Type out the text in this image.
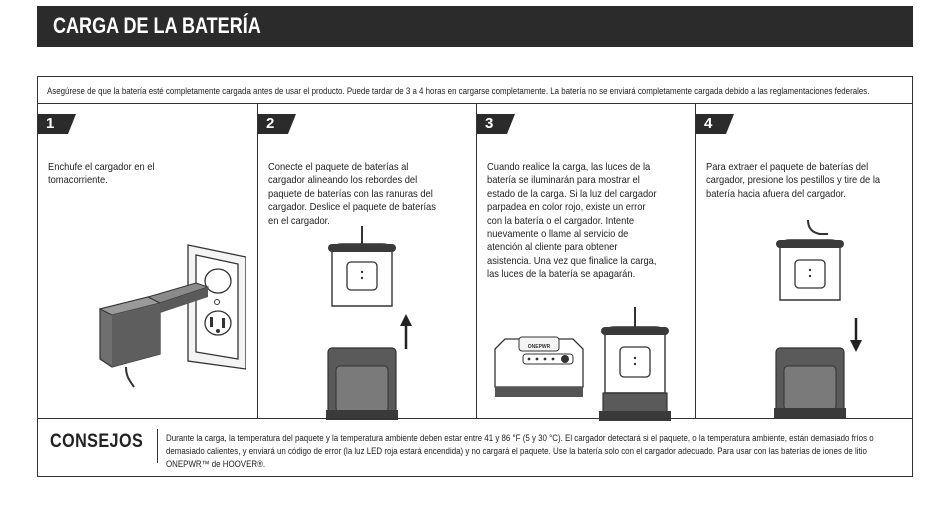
CARGA DE LA BATERÍA
Asegúrese de que la batería esté completamente cargada antes de usar el producto. Puede tardar de 3 a 4 horas en cargarse completamente. La batería no se enviará completamente cargada debido a las reglamentaciones federales.
1
Enchufe el cargador en el tomacorriente.
2
Conecte el paquete de baterías al cargador alineando los rebordes del paquete de baterías con las ranuras del cargador. Deslice el paquete de baterías en el cargador.
3
Cuando realice la carga, las luces de la batería se iluminarán para mostrar el estado de la carga. Si la luz del cargador parpadea en color rojo, existe un error con la batería o el cargador. Intente nuevamente o llame al servicio de atención al cliente para obtener asistencia. Una vez que finalice la carga, las luces de la batería se apagarán.
ONEPWR
4
Para extraer el paquete de baterías del cargador, presione los pestillos y tire de la batería hacia afuera del cargador.
CONSEJOS	Durante la carga, la temperatura del paquete y la temperatura ambiente deben estar entre 41 y 86 °F (5 y 30 °C). El cargador detectará si el paquete, o la temperatura ambiente, están demasiado fríos o demasiado calientes, y enviará un código de error (la luz LED roja estará encendida) y no cargará el paquete. Use la batería solo con el cargador adecuado. Para usar con las baterías de iones de litio ONEPWR™ de HOOVER®.
